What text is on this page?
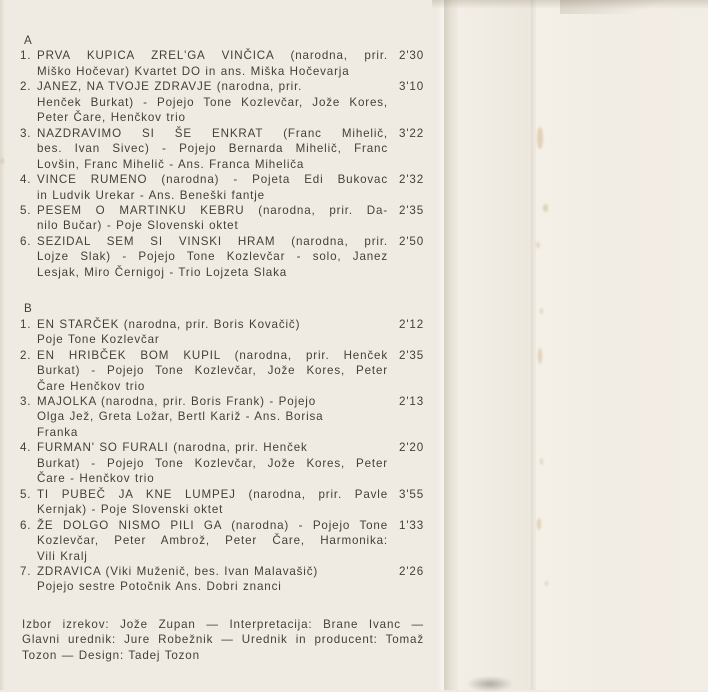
A
1. PRVA KUPICA ZREL'GA VINČICA (narodna, prir.
Miško Hočevar) Kvartet DO in ans. Miška Hočevarja
2'30
2. JANEZ, NA TVOJE ZDRAVJE (narodna, prir.
Henček Burkat) - Pojejo Tone Kozlevčar, Jože Kores,
Peter Čare, Henčkov trio
3'10
3. NAZDRAVIMO SI ŠE ENKRAT (Franc Mihelič,
bes. Ivan Sivec) - Pojejo Bernarda Mihelič, Franc
Lovšin, Franc Mihelič - Ans. Franca Miheliča
3'22
4. VINCE RUMENO (narodna) - Pojeta Edi Bukovac
in Ludvik Urekar - Ans. Beneški fantje
2'32
5. PESEM O MARTINKU KEBRU (narodna, prir. Da-
nilo Bučar) - Poje Slovenski oktet
2'35
6. SEZIDAL SEM SI VINSKI HRAM (narodna, prir.
Lojze Slak) - Pojejo Tone Kozlevčar - solo, Janez
Lesjak, Miro Černigoj - Trio Lojzeta Slaka
2'50
B
1. EN STARČEK (narodna, prir. Boris Kovačič)
Poje Tone Kozlevčar
2'12
2. EN HRIBČEK BOM KUPIL (narodna, prir. Henček
Burkat) - Pojejo Tone Kozlevčar, Jože Kores, Peter
Čare Henčkov trio
2'35
3. MAJOLKA (narodna, prir. Boris Frank) - Pojejo
Olga Jež, Greta Ložar, Bertl Kariž - Ans. Borisa
Franka
2'13
4. FURMAN' SO FURALI (narodna, prir. Henček
Burkat) - Pojejo Tone Kozlevčar, Jože Kores, Peter
Čare - Henčkov trio
2'20
5. TI PUBEČ JA KNE LUMPEJ (narodna, prir. Pavle
Kernjak) - Poje Slovenski oktet
3'55
6. ŽE DOLGO NISMO PILI GA (narodna) - Pojejo Tone
Kozlevčar, Peter Ambrož, Peter Čare, Harmonika:
Vili Kralj
1'33
7. ZDRAVICA (Viki Muženič, bes. Ivan Malavašič)
Pojejo sestre Potočnik Ans. Dobri znanci
2'26
Izbor izrekov: Jože Zupan — Interpretacija: Brane Ivanc —
Glavni urednik: Jure Robežnik — Urednik in producent: Tomaž
Tozon — Design: Tadej Tozon
